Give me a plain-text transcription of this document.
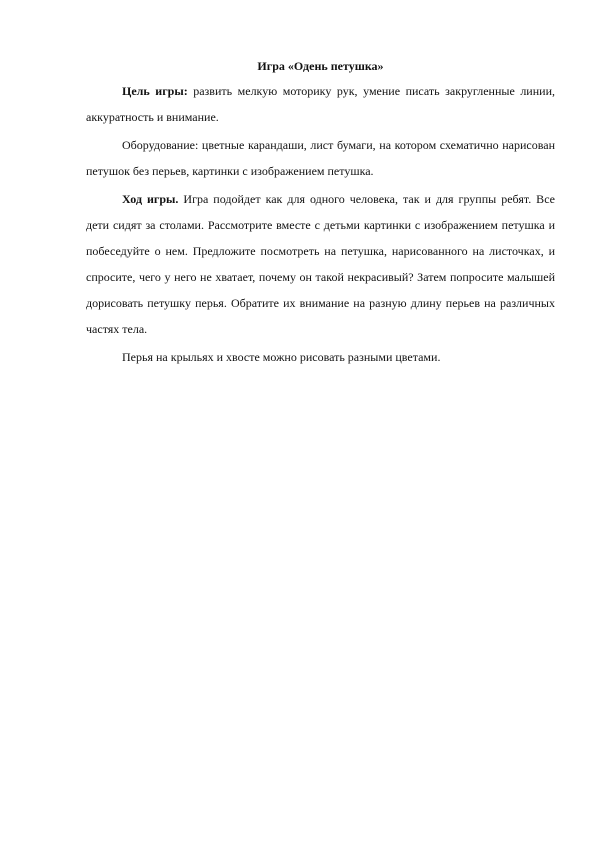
Игра «Одень петушка»

Цель игры: развить мелкую моторику рук, умение писать закругленные линии, аккуратность и внимание.

Оборудование: цветные карандаши, лист бумаги, на котором схематично нарисован петушок без перьев, картинки с изображением петушка.

Ход игры. Игра подойдет как для одного человека, так и для группы ребят. Все дети сидят за столами. Рассмотрите вместе с детьми картинки с изображением петушка и побеседуйте о нем. Предложите посмотреть на петушка, нарисованного на листочках, и спросите, чего у него не хватает, почему он такой некрасивый? Затем попросите малышей дорисовать петушку перья. Обратите их внимание на разную длину перьев на различных частях тела.

Перья на крыльях и хвосте можно рисовать разными цветами.
